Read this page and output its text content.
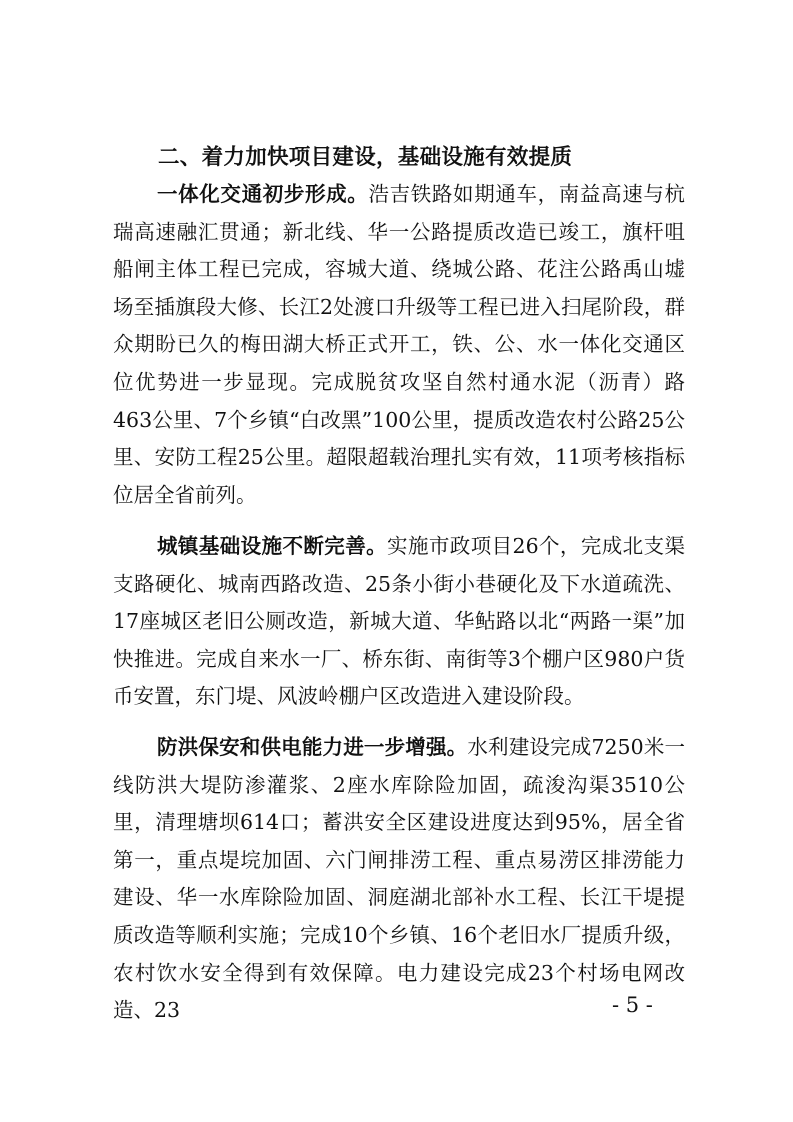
二、着力加快项目建设，基础设施有效提质

一体化交通初步形成。浩吉铁路如期通车，南益高速与杭瑞高速融汇贯通；新北线、华一公路提质改造已竣工，旗杆咀船闸主体工程已完成，容城大道、绕城公路、花注公路禹山墟场至插旗段大修、长江2处渡口升级等工程已进入扫尾阶段，群众期盼已久的梅田湖大桥正式开工，铁、公、水一体化交通区位优势进一步显现。完成脱贫攻坚自然村通水泥（沥青）路463公里、7个乡镇“白改黑”100公里，提质改造农村公路25公里、安防工程25公里。超限超载治理扎实有效，11项考核指标位居全省前列。

城镇基础设施不断完善。实施市政项目26个，完成北支渠支路硬化、城南西路改造、25条小街小巷硬化及下水道疏洗、17座城区老旧公厕改造，新城大道、华鲇路以北“两路一渠”加快推进。完成自来水一厂、桥东街、南街等3个棚户区980户货币安置，东门堤、风波岭棚户区改造进入建设阶段。

防洪保安和供电能力进一步增强。水利建设完成7250米一线防洪大堤防渗灌浆、2座水库除险加固，疏浚沟渠3510公里，清理塘坝614口；蓄洪安全区建设进度达到95%，居全省第一，重点堤垸加固、六门闸排涝工程、重点易涝区排涝能力建设、华一水库除险加固、洞庭湖北部补水工程、长江干堤提质改造等顺利实施；完成10个乡镇、16个老旧水厂提质升级，农村饮水安全得到有效保障。电力建设完成23个村场电网改造、23	- 5 -
